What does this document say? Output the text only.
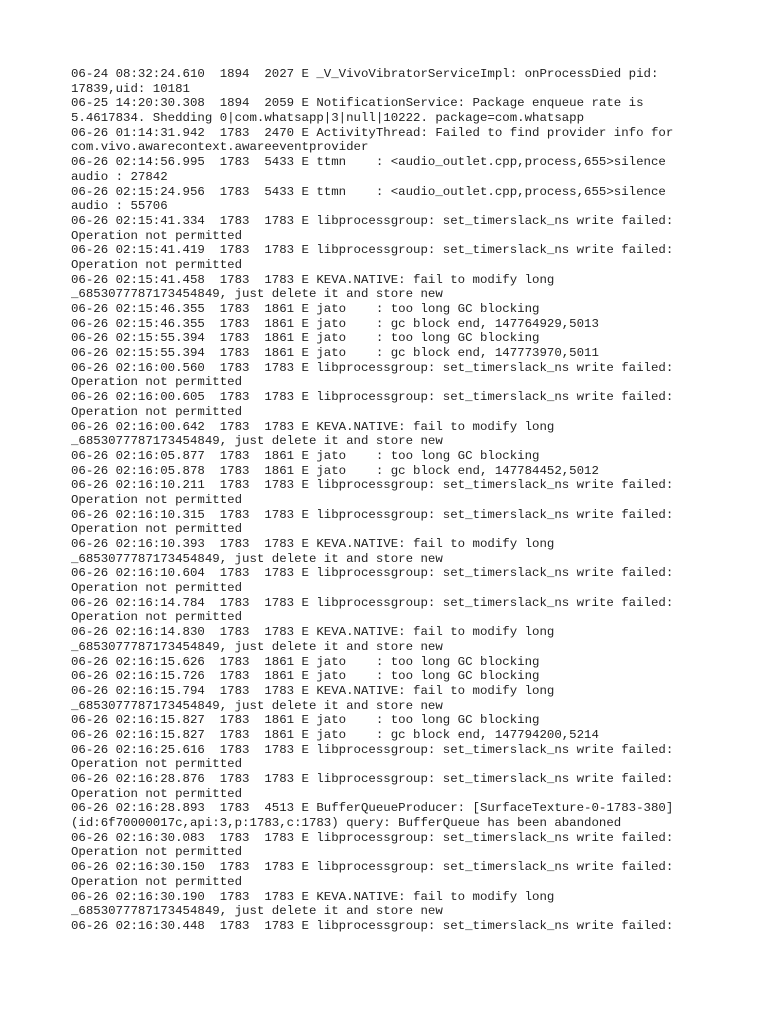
06-24 08:32:24.610  1894  2027 E _V_VivoVibratorServiceImpl: onProcessDied pid:
17839,uid: 10181
06-25 14:20:30.308  1894  2059 E NotificationService: Package enqueue rate is
5.4617834. Shedding 0|com.whatsapp|3|null|10222. package=com.whatsapp
06-26 01:14:31.942  1783  2470 E ActivityThread: Failed to find provider info for
com.vivo.awarecontext.awareeventprovider
06-26 02:14:56.995  1783  5433 E ttmn    : <audio_outlet.cpp,process,655>silence
audio : 27842
06-26 02:15:24.956  1783  5433 E ttmn    : <audio_outlet.cpp,process,655>silence
audio : 55706
06-26 02:15:41.334  1783  1783 E libprocessgroup: set_timerslack_ns write failed:
Operation not permitted
06-26 02:15:41.419  1783  1783 E libprocessgroup: set_timerslack_ns write failed:
Operation not permitted
06-26 02:15:41.458  1783  1783 E KEVA.NATIVE: fail to modify long
_6853077787173454849, just delete it and store new
06-26 02:15:46.355  1783  1861 E jato    : too long GC blocking
06-26 02:15:46.355  1783  1861 E jato    : gc block end, 147764929,5013
06-26 02:15:55.394  1783  1861 E jato    : too long GC blocking
06-26 02:15:55.394  1783  1861 E jato    : gc block end, 147773970,5011
06-26 02:16:00.560  1783  1783 E libprocessgroup: set_timerslack_ns write failed:
Operation not permitted
06-26 02:16:00.605  1783  1783 E libprocessgroup: set_timerslack_ns write failed:
Operation not permitted
06-26 02:16:00.642  1783  1783 E KEVA.NATIVE: fail to modify long
_6853077787173454849, just delete it and store new
06-26 02:16:05.877  1783  1861 E jato    : too long GC blocking
06-26 02:16:05.878  1783  1861 E jato    : gc block end, 147784452,5012
06-26 02:16:10.211  1783  1783 E libprocessgroup: set_timerslack_ns write failed:
Operation not permitted
06-26 02:16:10.315  1783  1783 E libprocessgroup: set_timerslack_ns write failed:
Operation not permitted
06-26 02:16:10.393  1783  1783 E KEVA.NATIVE: fail to modify long
_6853077787173454849, just delete it and store new
06-26 02:16:10.604  1783  1783 E libprocessgroup: set_timerslack_ns write failed:
Operation not permitted
06-26 02:16:14.784  1783  1783 E libprocessgroup: set_timerslack_ns write failed:
Operation not permitted
06-26 02:16:14.830  1783  1783 E KEVA.NATIVE: fail to modify long
_6853077787173454849, just delete it and store new
06-26 02:16:15.626  1783  1861 E jato    : too long GC blocking
06-26 02:16:15.726  1783  1861 E jato    : too long GC blocking
06-26 02:16:15.794  1783  1783 E KEVA.NATIVE: fail to modify long
_6853077787173454849, just delete it and store new
06-26 02:16:15.827  1783  1861 E jato    : too long GC blocking
06-26 02:16:15.827  1783  1861 E jato    : gc block end, 147794200,5214
06-26 02:16:25.616  1783  1783 E libprocessgroup: set_timerslack_ns write failed:
Operation not permitted
06-26 02:16:28.876  1783  1783 E libprocessgroup: set_timerslack_ns write failed:
Operation not permitted
06-26 02:16:28.893  1783  4513 E BufferQueueProducer: [SurfaceTexture-0-1783-380]
(id:6f70000017c,api:3,p:1783,c:1783) query: BufferQueue has been abandoned
06-26 02:16:30.083  1783  1783 E libprocessgroup: set_timerslack_ns write failed:
Operation not permitted
06-26 02:16:30.150  1783  1783 E libprocessgroup: set_timerslack_ns write failed:
Operation not permitted
06-26 02:16:30.190  1783  1783 E KEVA.NATIVE: fail to modify long
_6853077787173454849, just delete it and store new
06-26 02:16:30.448  1783  1783 E libprocessgroup: set_timerslack_ns write failed:
